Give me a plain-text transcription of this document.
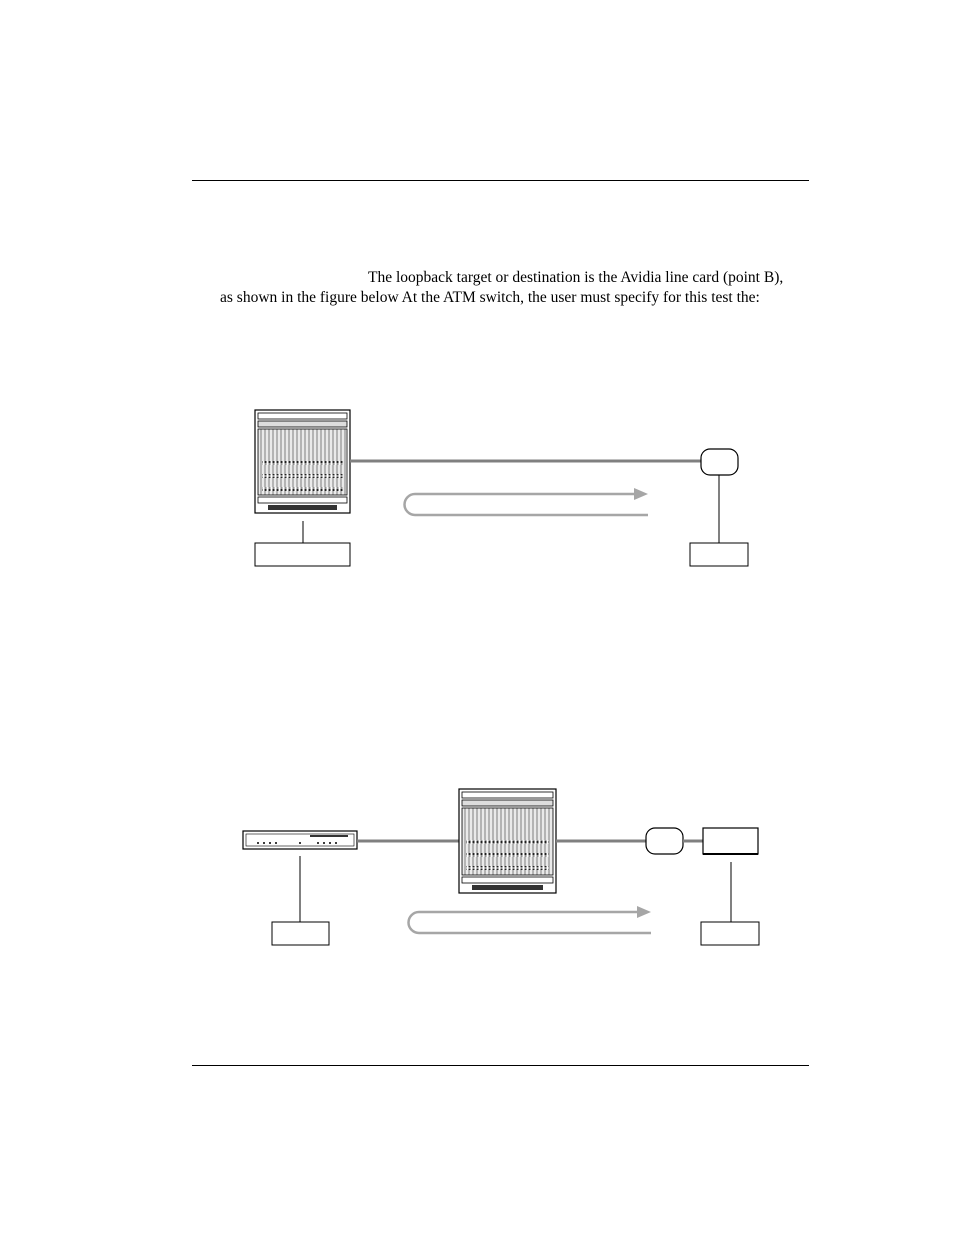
The loopback target or destination is the Avidia line card (point B),
as shown in the figure below At the ATM switch, the user must specify for this test the:
